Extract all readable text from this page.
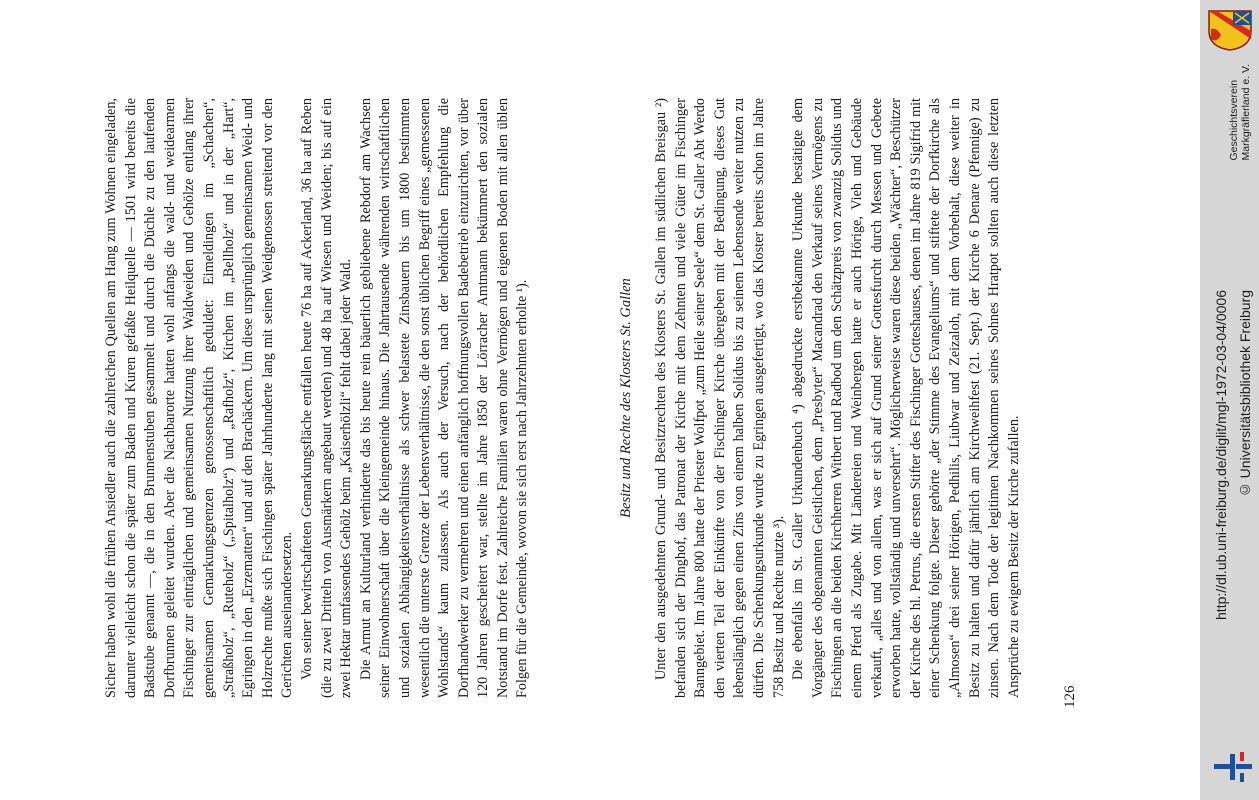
Sicher haben wohl die frühen Ansiedler auch die zahlreichen Quellen am Hang zum Wohnen eingeladen, darunter vielleicht schon die später zum Baden und Kuren gefaßte Heilquelle — 1501 wird bereits die Badstube genannt —, die in den Brunnenstuben gesammelt und durch die Düchle zu den laufenden Dorfbrunnen geleitet wurden. Aber die Nachbarorte hatten wohl anfangs die wald- und weidearmen Fischinger zur einträglichen und gemeinsamen Nutzung ihrer Waldweiden und Gehölze entlang ihrer gemeinsamen Gemarkungsgrenzen genossenschaftlich geduldet: Eimeldingen im „Schachen“, „Straßholz“, „Ruteholz“ („Spitalholz“) und „Rafholz“, Kirchen im „Bellholz“ und in der „Hart“, Egringen in den „Erzematten“ und auf den Brachäckern. Um diese ursprünglich gemeinsamen Weid- und Holzrechte mußte sich Fischingen später Jahrhunderte lang mit seinen Weidgenossen streitend vor den Gerichten auseinandersetzen. Von seiner bewirtschafteten Gemarkungsfläche entfallen heute 76 ha auf Ackerland, 36 ha auf Reben (die zu zwei Dritteln von Ausmärkern angebaut werden) und 48 ha auf Wiesen und Weiden; bis auf ein zwei Hektar umfassendes Gehölz beim „Kaiserhölzli“ fehlt dabei jeder Wald. Die Armut an Kulturland verhinderte das bis heute rein bäuerlich gebliebene Rebdorf am Wachsen seiner Einwohnerschaft über die Kleingemeinde hinaus. Die Jahrtausende währenden wirtschaftlichen und sozialen Abhängigkeitsverhältnisse als schwer belastete Zinsbauern bis um 1800 bestimmten wesentlich die unterste Grenze der Lebensverhältnisse, die den sonst üblichen Begriff eines „gemessenen Wohlstands“ kaum zulassen. Als auch der Versuch, nach der behördlichen Empfehlung die Dorfhandwerker zu vermehren und einen anfänglich hoffnungsvollen Badebetrieb einzurichten, vor über 120 Jahren gescheitert war, stellte im Jahre 1850 der Lörracher Amtmann bekümmert den sozialen Notstand im Dorfe fest. Zahlreiche Familien waren ohne Vermögen und eigenen Boden mit allen üblen Folgen für die Gemeinde, wovon sie sich erst nach Jahrzehnten erholte ¹).	Besitz und Rechte des Klosters St. Gallen Unter den ausgedehnten Grund- und Besitzrechten des Klosters St. Gallen im südlichen Breisgau ²) befanden sich der Dinghof, das Patronat der Kirche mit dem Zehnten und viele Güter im Fischinger Banngebiet. Im Jahre 800 hatte der Priester Wolfpot „zum Heile seiner Seele“ dem St. Galler Abt Werdo den vierten Teil der Einkünfte von der Fischinger Kirche übergeben mit der Bedingung, dieses Gut lebenslänglich gegen einen Zins von einem halben Solidus bis zu seinem Lebensende weiter nutzen zu dürfen. Die Schenkungsurkunde wurde zu Egringen ausgefertigt, wo das Kloster bereits schon im Jahre 758 Besitz und Rechte nutzte ³). Die ebenfalls im St. Galler Urkundenbuch ⁴) abgedruckte erstbekannte Urkunde bestätigte dem Vorgänger des obgenannten Geistlichen, dem „Presbyter“ Macandrad den Verkauf seines Vermögens zu Fischingen an die beiden Kirchherren Witbert und Radbod um den Schätzpreis von zwanzig Solidus und einem Pferd als Zugabe. Mit Ländereien und Weinbergen hatte er auch Hörige, Vieh und Gebäude verkauft, „alles und von allem, was er sich auf Grund seiner Gottesfurcht durch Messen und Gebete erworben hatte, vollständig und unversehrt“. Möglicherweise waren diese beiden „Wächter“, Beschützer der Kirche des hl. Petrus, die ersten Stifter des Fischinger Gotteshauses, denen im Jahre 819 Sigifrid mit einer Schenkung folgte. Dieser gehörte „der Stimme des Evangeliums“ und stiftete der Dorfkirche als „Almosen“ drei seiner Hörigen, Pedhilis, Liubwar und Zeizaloh, mit dem Vorbehalt, diese weiter in Besitz zu halten und dafür jährlich am Kirchweihfest (21. Sept.) der Kirche 6 Denare (Pfennige) zu zinsen. Nach dem Tode der legitimen Nachkommen seines Sohnes Hratpot sollten auch diese letzten Ansprüche zu ewigem Besitz der Kirche zufallen.	126
Geschichtsverein Markgräflerland e. V.
http://dl.ub.uni-freiburg.de/diglit/mgl-1972-03-04/0006 © Universitätsbibliothek Freiburg
